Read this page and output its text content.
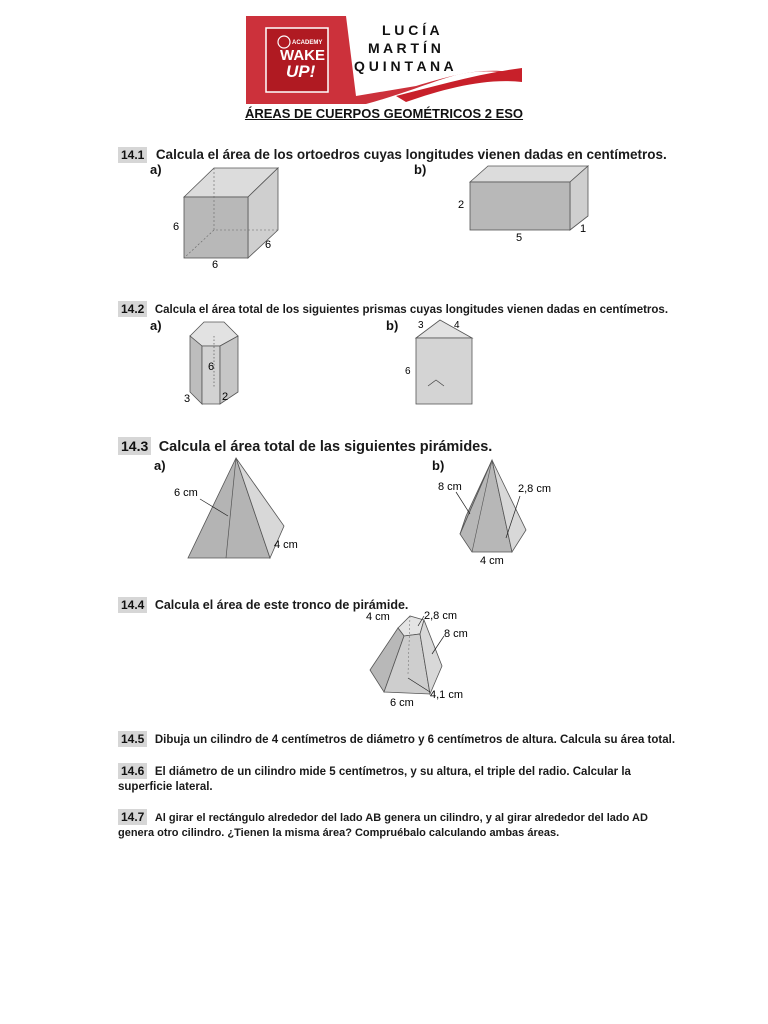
ACADEMY
WAKE
UP!
L U C Í A
M A R T Í N
Q U I N T A N A
ÁREAS DE CUERPOS GEOMÉTRICOS 2 ESO
14.1 Calcula el área de los ortoedros cuyas longitudes vienen dadas en centímetros.
a)	b)
6
6
6
2
5
1
14.2 Calcula el área total de los siguientes prismas cuyas longitudes vienen dadas en centímetros.
a)	b)
6
3	2
3	4
6
14.3 Calcula el área total de las siguientes pirámides.
a)	b)
6 cm
4 cm
8 cm	2,8 cm
4 cm
14.4 Calcula el área de este tronco de pirámide.
4 cm	2,8 cm
8 cm
4,1 cm
6 cm
14.5 Dibuja un cilindro de 4 centímetros de diámetro y 6 centímetros de altura. Calcula su área total.
14.6 El diámetro de un cilindro mide 5 centímetros, y su altura, el triple del radio. Calcular la superficie lateral.
14.7 Al girar el rectángulo alrededor del lado AB genera un cilindro, y al girar alrededor del lado AD genera otro cilindro. ¿Tienen la misma área? Compruébalo calculando ambas áreas.
